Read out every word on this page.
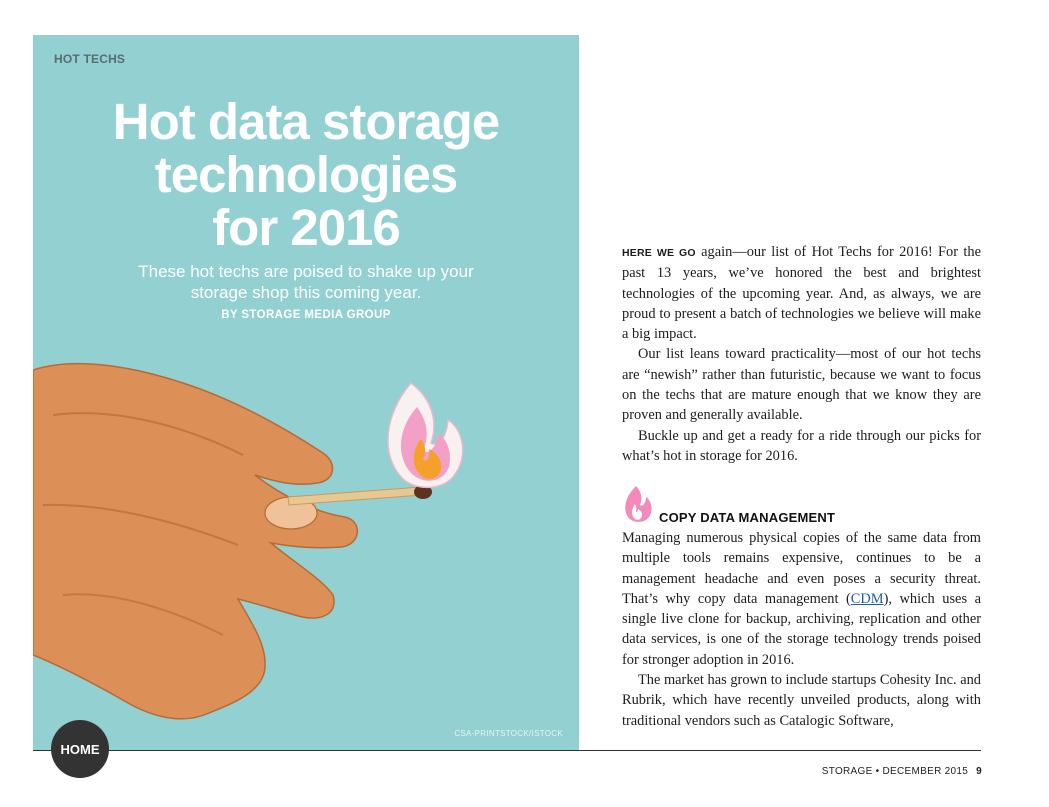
HOT TECHS
Hot data storage
technologies
for 2016
These hot techs are poised to shake up your
storage shop this coming year.
BY STORAGE MEDIA GROUP
CSA-PRINTSTOCK/ISTOCK

HERE WE GO again—our list of Hot Techs for 2016! For the past 13 years, we’ve honored the best and brightest technologies of the upcoming year. And, as always, we are proud to present a batch of technologies we believe will make a big impact.

Our list leans toward practicality—most of our hot techs are “newish” rather than futuristic, because we want to focus on the techs that are mature enough that we know they are proven and generally available.

Buckle up and get a ready for a ride through our picks for what’s hot in storage for 2016.

COPY DATA MANAGEMENT

Managing numerous physical copies of the same data from multiple tools remains expensive, continues to be a management headache and even poses a security threat. That’s why copy data management (CDM), which uses a single live clone for backup, archiving, replication and other data services, is one of the storage technology trends poised for stronger adoption in 2016.

The market has grown to include startups Cohesity Inc. and Rubrik, which have recently unveiled products, along with traditional vendors such as Catalogic Software,

HOME
STORAGE • DECEMBER 2015 9
